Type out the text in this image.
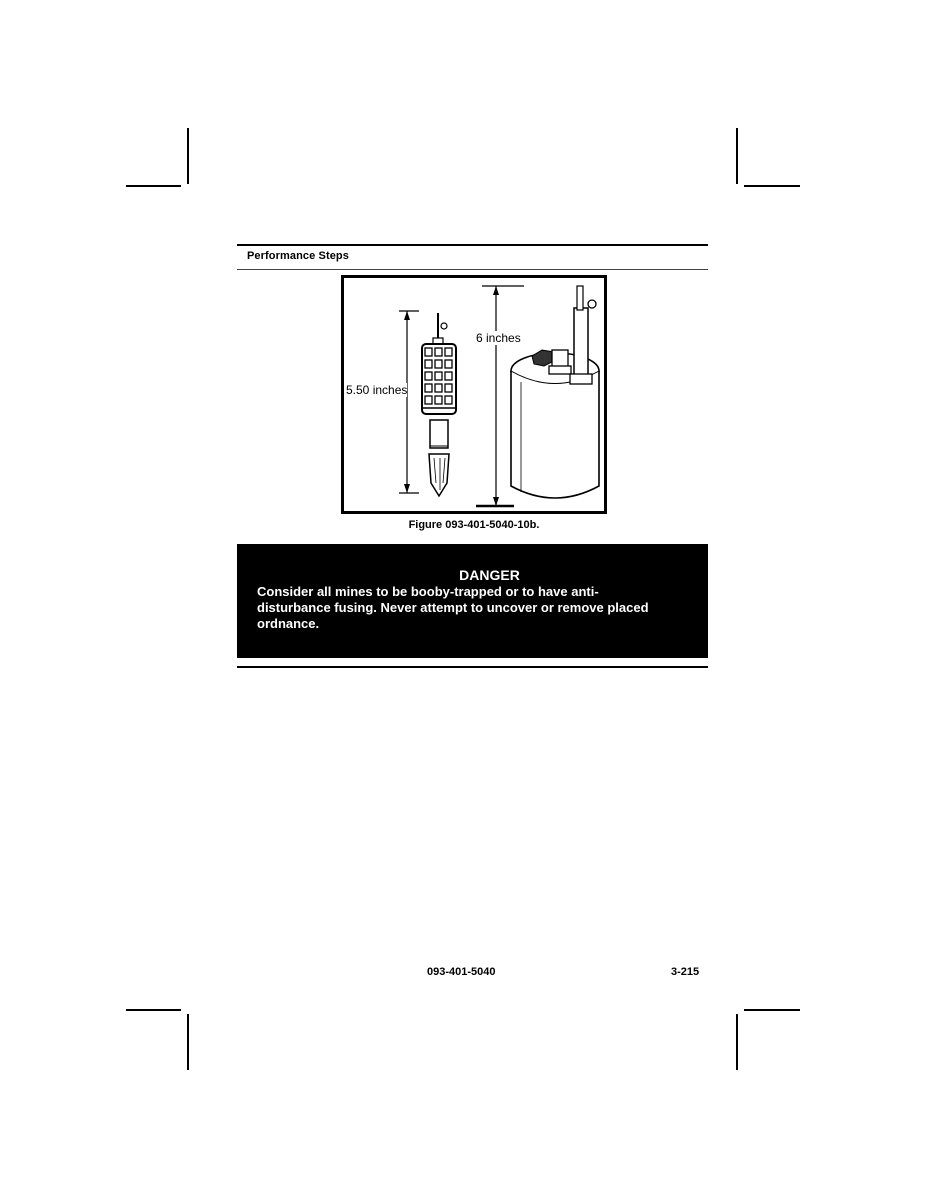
Performance Steps
5.50 inches
6 inches
Figure 093-401-5040-10b.
DANGER
Consider all mines to be booby-trapped or to have anti-
disturbance fusing. Never attempt to uncover or remove placed
ordnance.
093-401-5040	3-215
